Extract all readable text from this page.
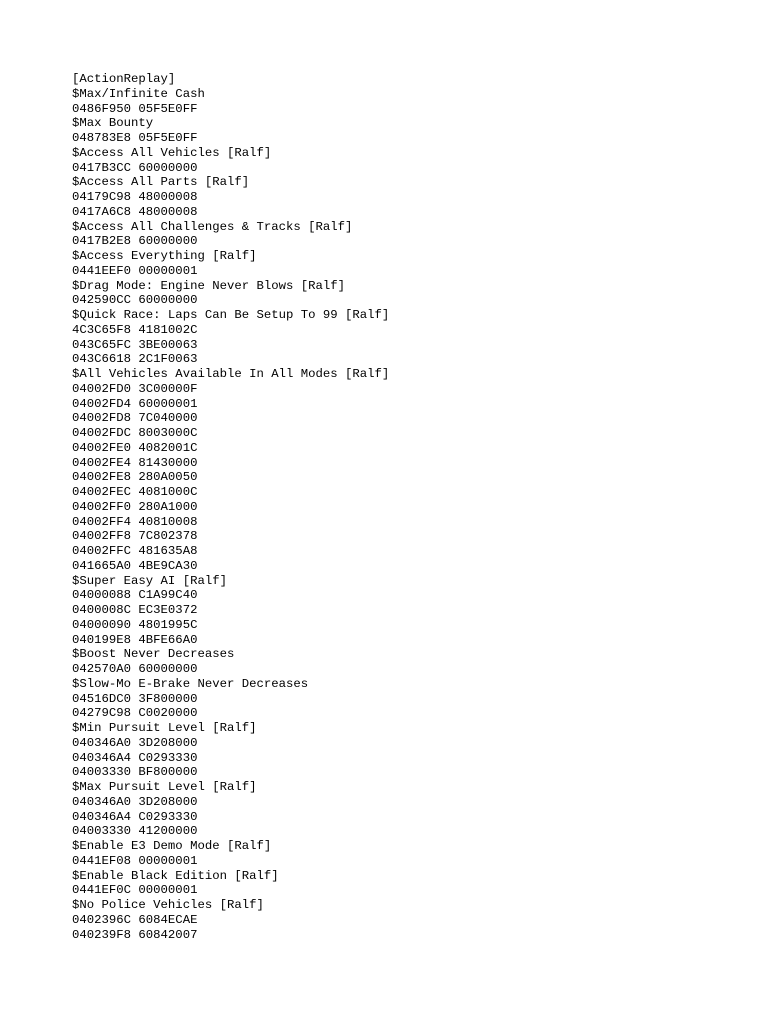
[ActionReplay]
$Max/Infinite Cash
0486F950 05F5E0FF
$Max Bounty
048783E8 05F5E0FF
$Access All Vehicles [Ralf]
0417B3CC 60000000
$Access All Parts [Ralf]
04179C98 48000008
0417A6C8 48000008
$Access All Challenges & Tracks [Ralf]
0417B2E8 60000000
$Access Everything [Ralf]
0441EEF0 00000001
$Drag Mode: Engine Never Blows [Ralf]
042590CC 60000000
$Quick Race: Laps Can Be Setup To 99 [Ralf]
4C3C65F8 4181002C
043C65FC 3BE00063
043C6618 2C1F0063
$All Vehicles Available In All Modes [Ralf]
04002FD0 3C00000F
04002FD4 60000001
04002FD8 7C040000
04002FDC 8003000C
04002FE0 4082001C
04002FE4 81430000
04002FE8 280A0050
04002FEC 4081000C
04002FF0 280A1000
04002FF4 40810008
04002FF8 7C802378
04002FFC 481635A8
041665A0 4BE9CA30
$Super Easy AI [Ralf]
04000088 C1A99C40
0400008C EC3E0372
04000090 4801995C
040199E8 4BFE66A0
$Boost Never Decreases
042570A0 60000000
$Slow-Mo E-Brake Never Decreases
04516DC0 3F800000
04279C98 C0020000
$Min Pursuit Level [Ralf]
040346A0 3D208000
040346A4 C0293330
04003330 BF800000
$Max Pursuit Level [Ralf]
040346A0 3D208000
040346A4 C0293330
04003330 41200000
$Enable E3 Demo Mode [Ralf]
0441EF08 00000001
$Enable Black Edition [Ralf]
0441EF0C 00000001
$No Police Vehicles [Ralf]
0402396C 6084ECAE
040239F8 60842007
